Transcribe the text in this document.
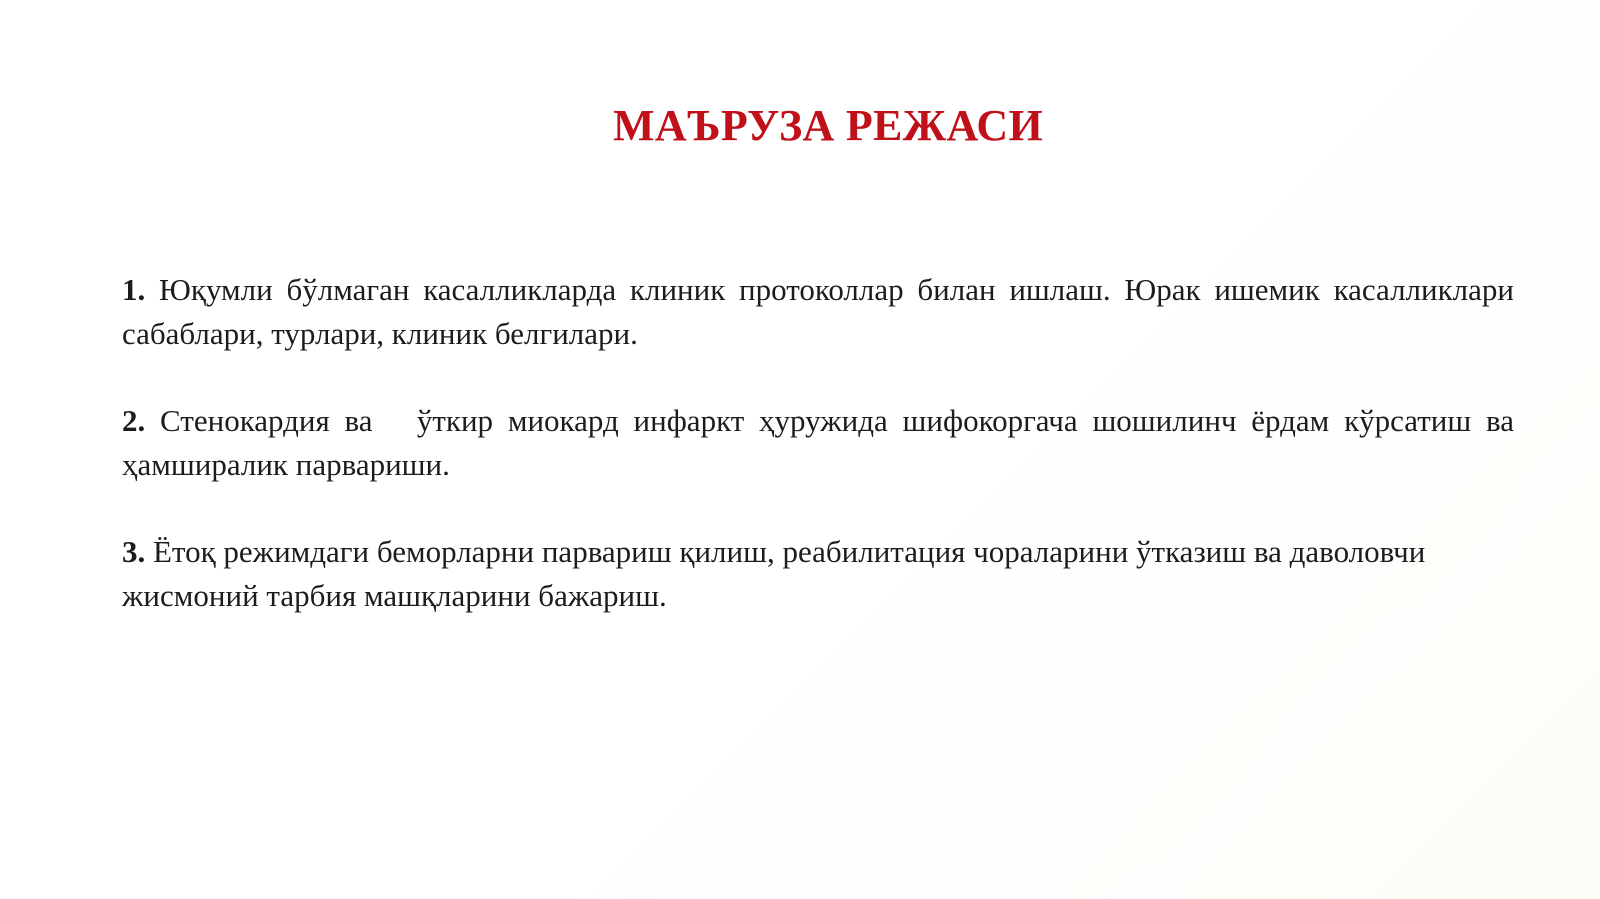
МАЪРУЗА РЕЖАСИ

1. Юқумли бўлмаган касалликларда клиник протоколлар билан ишлаш. Юрак ишемик касалликлари сабаблари, турлари, клиник белгилари.

2. Стенокардия ва   ўткир миокард инфаркт ҳуружида шифокоргача шошилинч ёрдам кўрсатиш ва ҳамширалик парвариши.

3. Ётоқ режимдаги беморларни парвариш қилиш, реабилитация чораларини ўтказиш ва даволовчи жисмоний тарбия машқларини бажариш.
